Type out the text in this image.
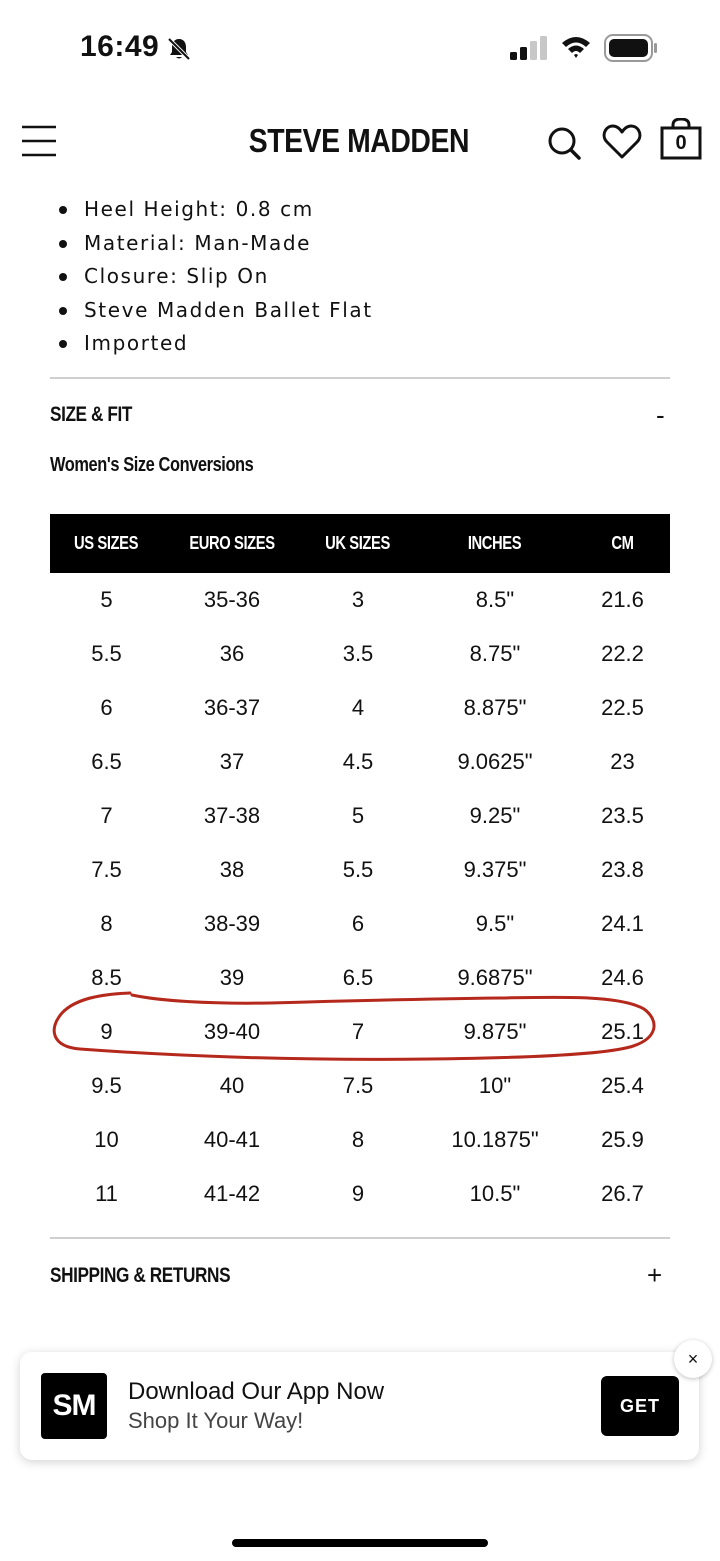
16:49
STEVE MADDEN	0
Heel Height: 0.8 cm
Material: Man-Made
Closure: Slip On
Steve Madden Ballet Flat
Imported
SIZE & FIT	-
Women's Size Conversions
US SIZES	EURO SIZES	UK SIZES	INCHES	CM
5	35-36	3	8.5"	21.6
5.5	36	3.5	8.75"	22.2
6	36-37	4	8.875"	22.5
6.5	37	4.5	9.0625"	23
7	37-38	5	9.25"	23.5
7.5	38	5.5	9.375"	23.8
8	38-39	6	9.5"	24.1
8.5	39	6.5	9.6875"	24.6
9	39-40	7	9.875"	25.1
9.5	40	7.5	10"	25.4
10	40-41	8	10.1875"	25.9
11	41-42	9	10.5"	26.7
SHIPPING & RETURNS	+
SM	Download Our App Now
Shop It Your Way!
GET
×
